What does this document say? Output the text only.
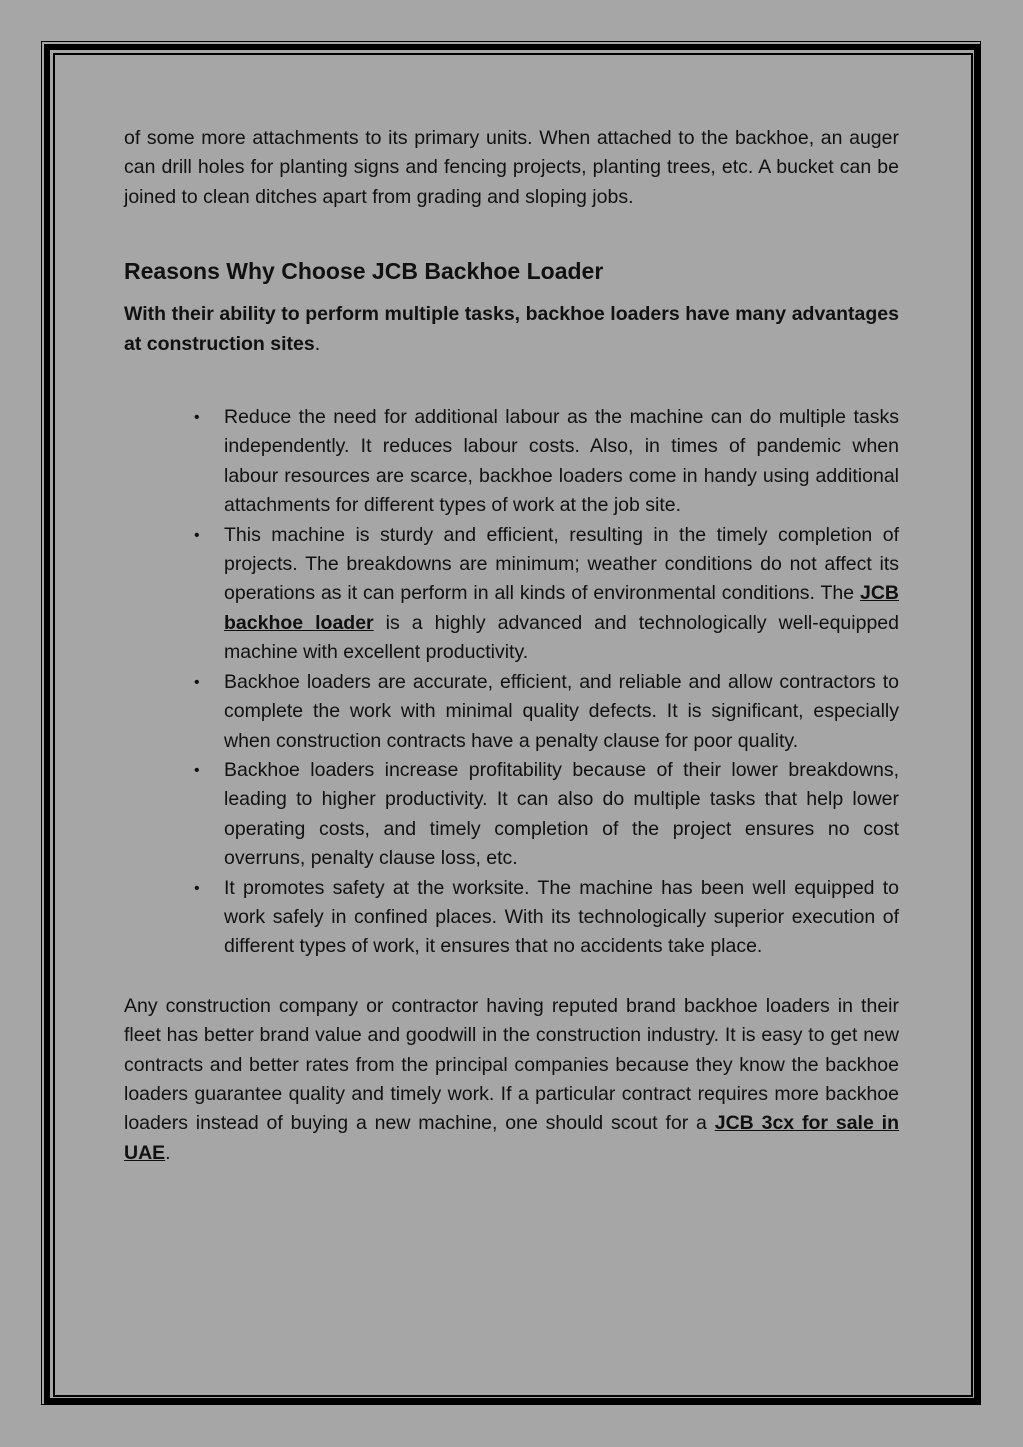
of some more attachments to its primary units. When attached to the backhoe, an auger can drill holes for planting signs and fencing projects, planting trees, etc. A bucket can be joined to clean ditches apart from grading and sloping jobs.

Reasons Why Choose JCB Backhoe Loader

With their ability to perform multiple tasks, backhoe loaders have many advantages at construction sites.

• Reduce the need for additional labour as the machine can do multiple tasks independently. It reduces labour costs. Also, in times of pandemic when labour resources are scarce, backhoe loaders come in handy using additional attachments for different types of work at the job site.
• This machine is sturdy and efficient, resulting in the timely completion of projects. The breakdowns are minimum; weather conditions do not affect its operations as it can perform in all kinds of environmental conditions. The JCB backhoe loader is a highly advanced and technologically well-equipped machine with excellent productivity.
• Backhoe loaders are accurate, efficient, and reliable and allow contractors to complete the work with minimal quality defects. It is significant, especially when construction contracts have a penalty clause for poor quality.
• Backhoe loaders increase profitability because of their lower breakdowns, leading to higher productivity. It can also do multiple tasks that help lower operating costs, and timely completion of the project ensures no cost overruns, penalty clause loss, etc.
• It promotes safety at the worksite. The machine has been well equipped to work safely in confined places. With its technologically superior execution of different types of work, it ensures that no accidents take place.

Any construction company or contractor having reputed brand backhoe loaders in their fleet has better brand value and goodwill in the construction industry. It is easy to get new contracts and better rates from the principal companies because they know the backhoe loaders guarantee quality and timely work. If a particular contract requires more backhoe loaders instead of buying a new machine, one should scout for a JCB 3cx for sale in UAE.
